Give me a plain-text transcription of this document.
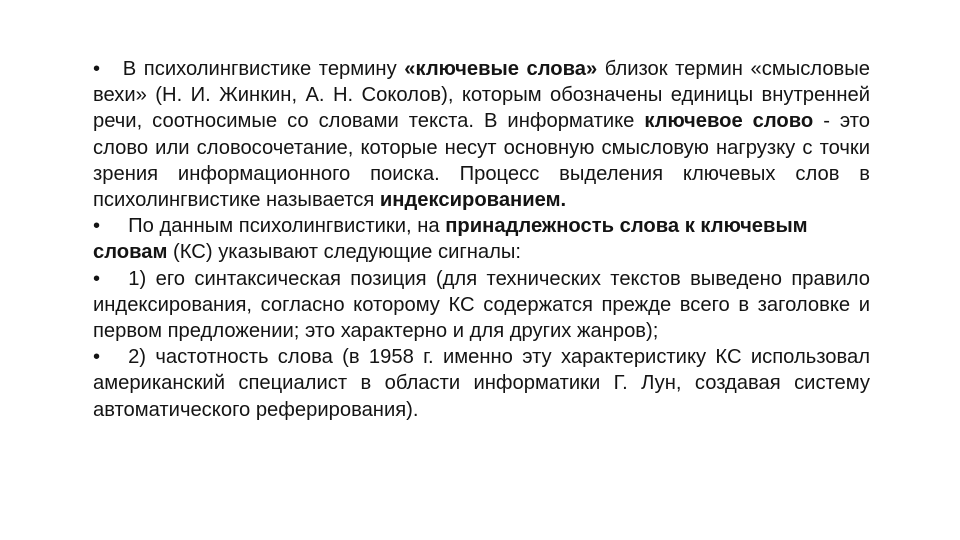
• В психолингвистике термину «ключевые слова» близок термин «смысловые вехи» (Н. И. Жинкин, А. Н. Соколов), которым обозначены единицы внутренней речи, соотносимые со словами текста. В информатике ключевое слово - это слово или словосочетание, которые несут основную смысловую нагрузку с точки зрения информационного поиска. Процесс выделения ключевых слов в психолингвистике называется индексированием.

• По данным психолингвистики, на принадлежность слова к ключевым словам (КС) указывают следующие сигналы:

• 1) его синтаксическая позиция (для технических текстов выведено правило индексирования, согласно которому КС содержатся прежде всего в заголовке и первом предложении; это характерно и для других жанров);

• 2) частотность слова (в 1958 г. именно эту характеристику КС использовал американский специалист в области информатики Г. Лун, создавая систему автоматического реферирования).
